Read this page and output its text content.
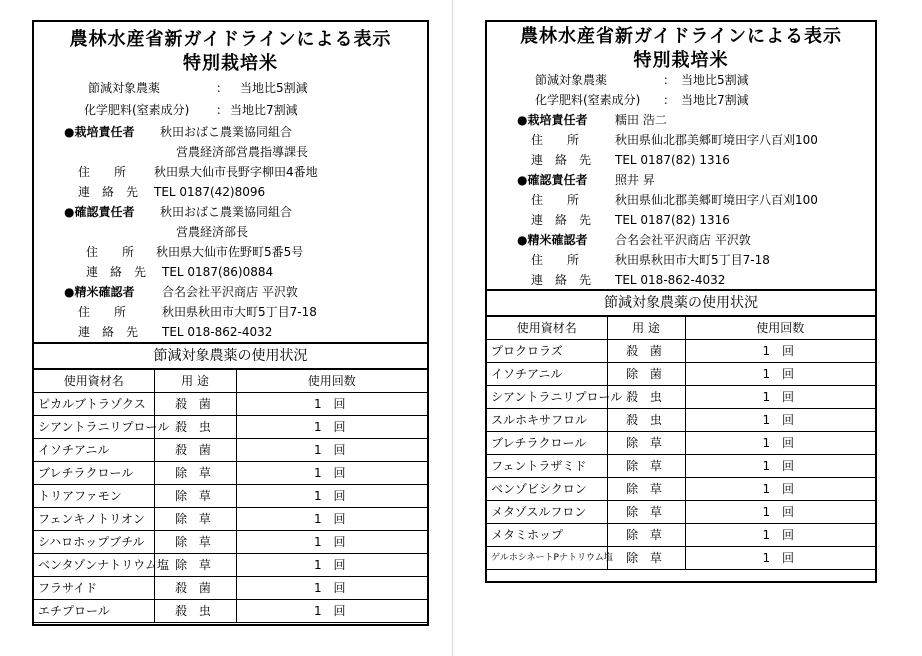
農林水産省新ガイドラインによる表示
特別栽培米
節減対象農薬	： 当地比5割減
化学肥料(窒素成分) ： 当地比7割減
●栽培責任者 秋田おばこ農業協同組合
営農経済部営農指導課長
住　　所 秋田県大仙市長野字柳田4番地
連　絡　先 TEL 0187(42)8096
●確認責任者 秋田おばこ農業協同組合
営農経済部長
住　　所 秋田県大仙市佐野町5番5号
連　絡　先 TEL 0187(86)0884
●精米確認者 合名会社平沢商店 平沢敦
住　　所	秋田県秋田市大町5丁目7-18
連　絡　先 TEL 018-862-4032
節減対象農薬の使用状況
使用資材名	用 途	使用回数
ピカルブトラゾクス	殺 菌	1 回
シアントラニリプロール	殺 虫	1 回
イソチアニル	殺 菌	1 回
ブレチラクロール	除 草	1 回
トリアファモン	除 草	1 回
フェンキノトリオン	除 草	1 回
シハロホップブチル	除 草	1 回
ベンタゾンナトリウム塩	除 草	1 回
フラサイド	殺 菌	1 回
エチプロール	殺 虫	1 回
農林水産省新ガイドラインによる表示
特別栽培米
節減対象農薬	： 当地比5割減
化学肥料(窒素成分) ： 当地比7割減
●栽培責任者 糯田 浩二
住　　所	秋田県仙北郡美郷町境田字八百刈100
連　絡　先 TEL 0187(82) 1316
●確認責任者 照井 昇
住　　所	秋田県仙北郡美郷町境田字八百刈100
連　絡　先 TEL 0187(82) 1316
●精米確認者 合名会社平沢商店 平沢敦
住　　所	秋田県秋田市大町5丁目7-18
連　絡　先 TEL 018-862-4032
節減対象農薬の使用状況
使用資材名	用 途	使用回数
プロクロラズ	殺 菌	1 回
イソチアニル	除 菌	1 回
シアントラニリプロール	殺 虫	1 回
スルホキサフロル	殺 虫	1 回
ブレチラクロール	除 草	1 回
フェントラザミド	除 草	1 回
ベンゾビシクロン	除 草	1 回
メタゾスルフロン	除 草	1 回
メタミホップ	除 草	1 回
ゲルホシネートPナトリウム塩	除 草	1 回
